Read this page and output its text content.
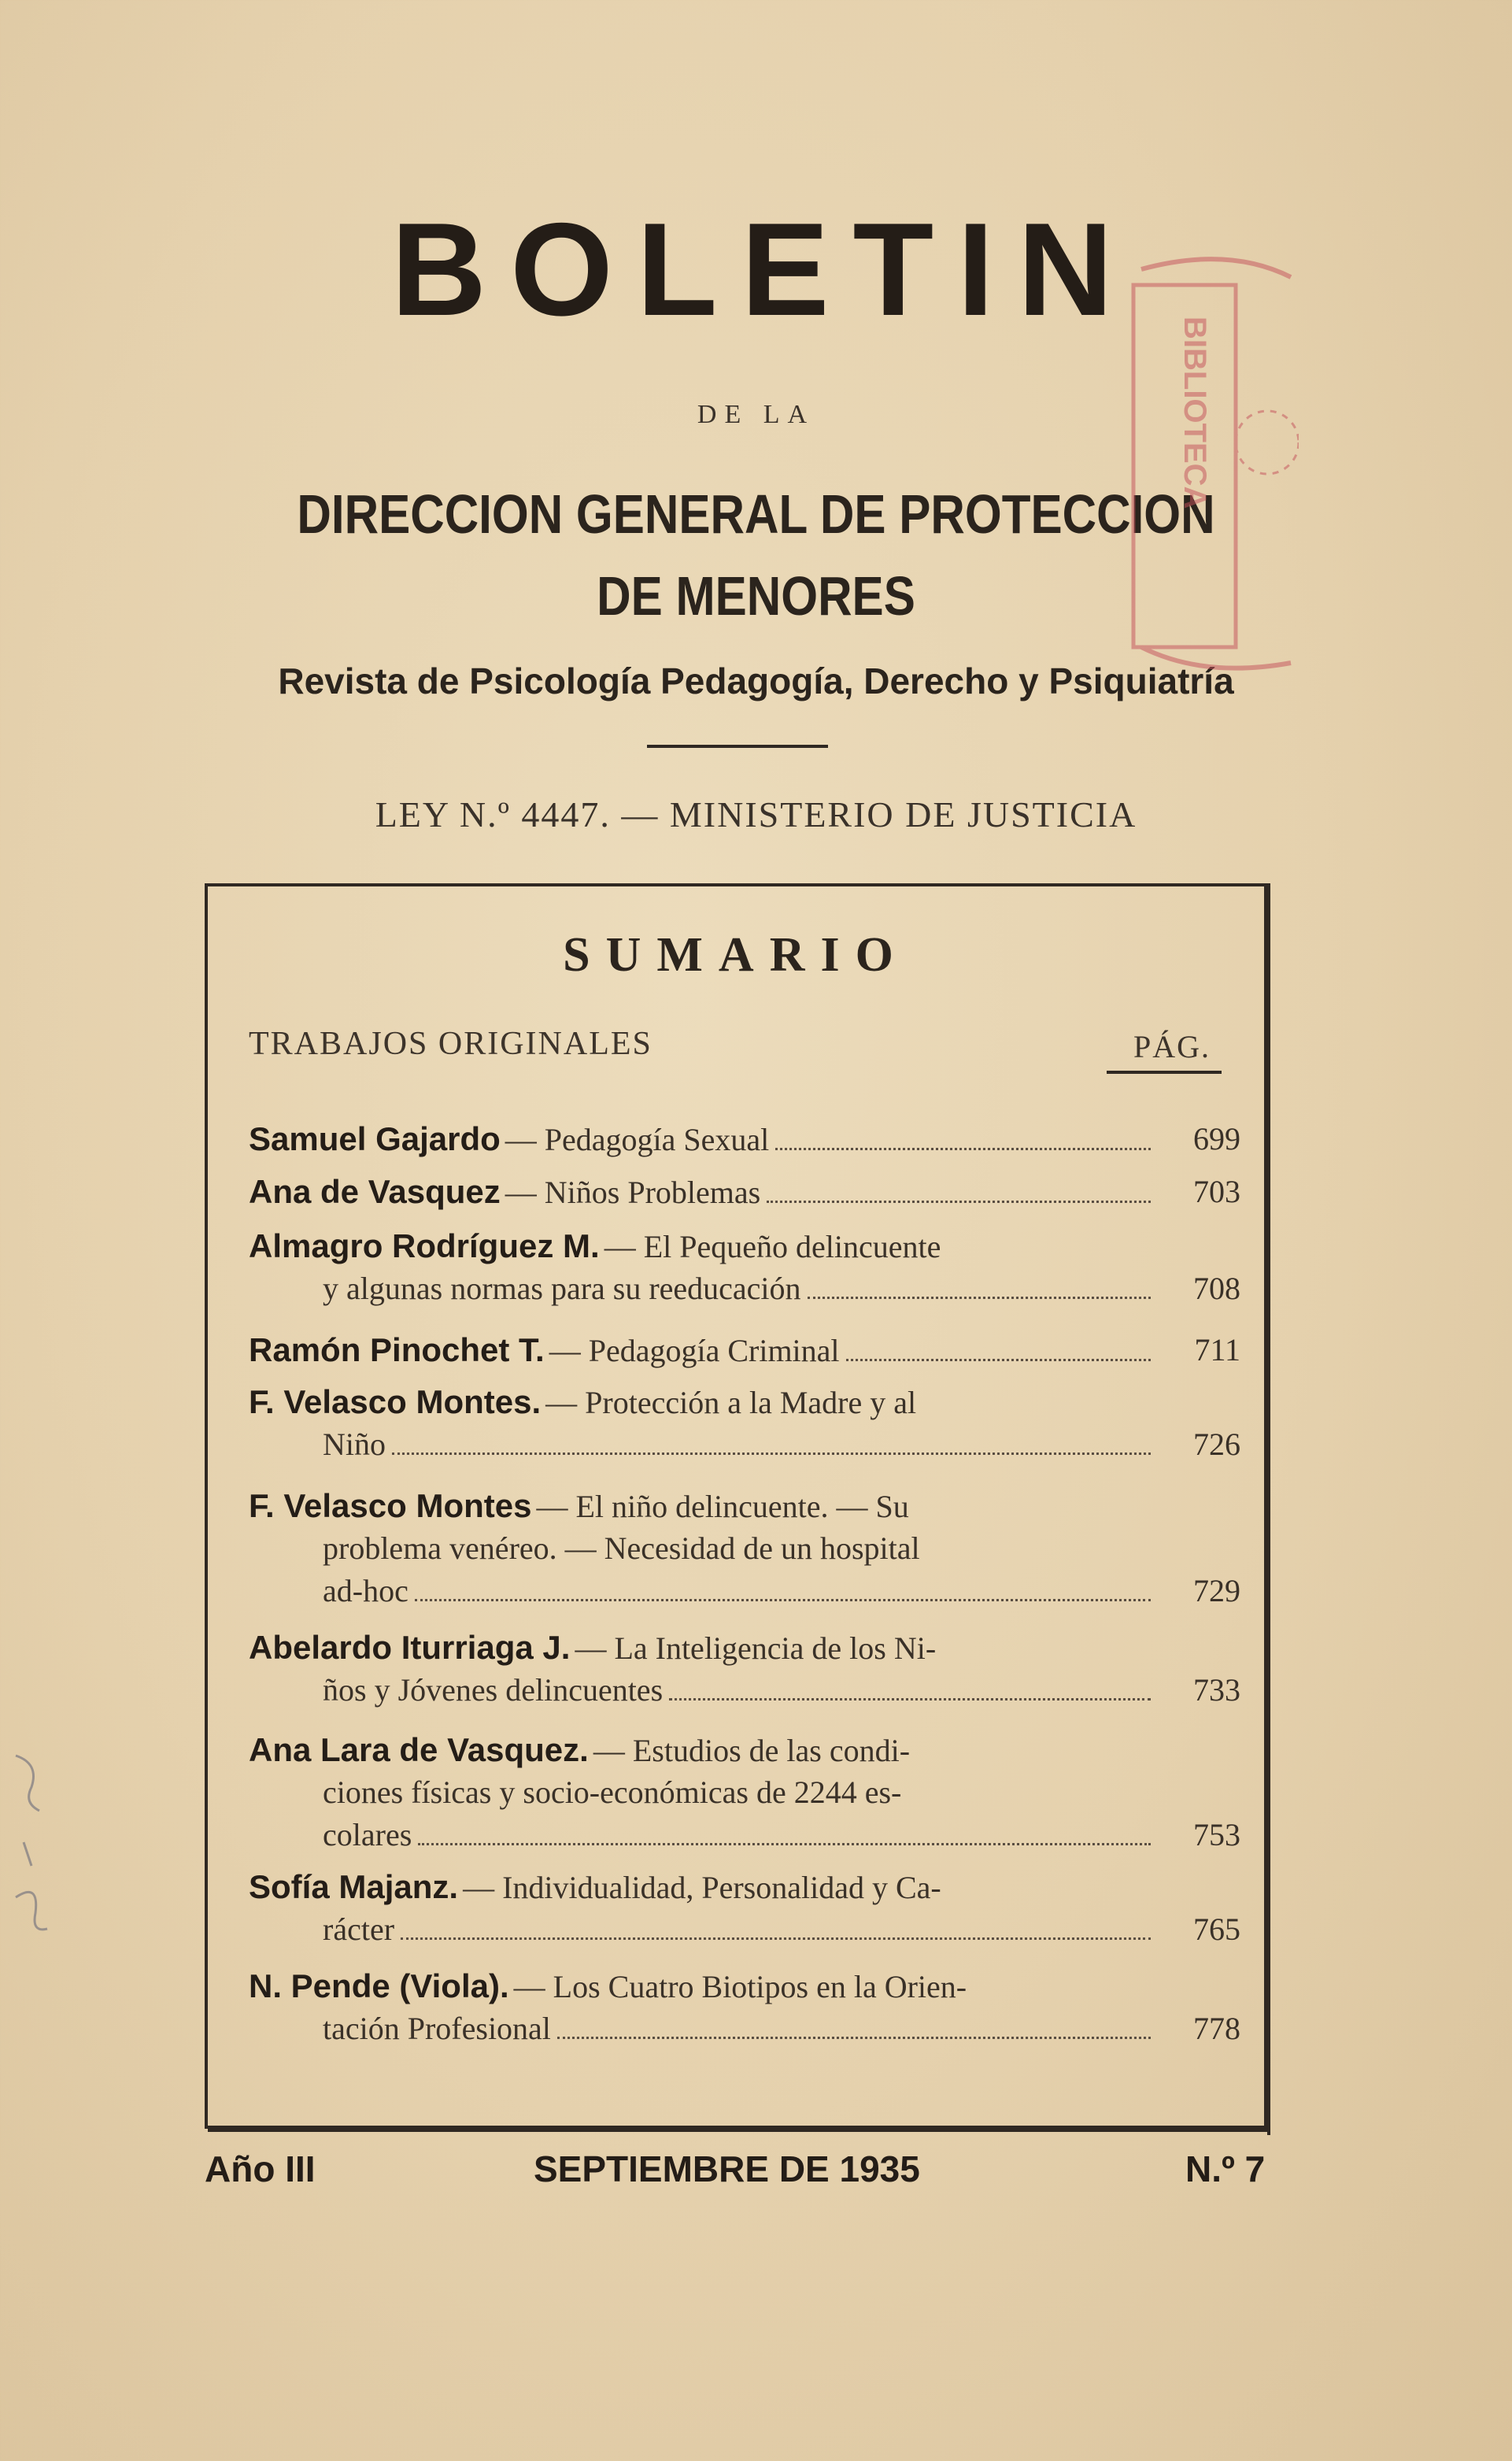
BOLETIN
DE LA
DIRECCION GENERAL DE PROTECCION
DE MENORES
Revista de Psicología Pedagogía, Derecho y Psiquiatría
LEY N.º 4447. — MINISTERIO DE JUSTICIA
BIBLIOTECA
SUMARIO
TRABAJOS ORIGINALES	PÁG.
Samuel Gajardo — Pedagogía Sexual	699
Ana de Vasquez — Niños Problemas	703
Almagro Rodríguez M. — El Pequeño delincuente
y algunas normas para su reeducación	708
Ramón Pinochet T. — Pedagogía Criminal	711
F. Velasco Montes. — Protección a la Madre y al
Niño	726
F. Velasco Montes — El niño delincuente. — Su
problema venéreo. — Necesidad de un hospital
ad-hoc	729
Abelardo Iturriaga J. — La Inteligencia de los Ni-
ños y Jóvenes delincuentes	733
Ana Lara de Vasquez. — Estudios de las condi-
ciones físicas y socio-económicas de 2244 es-
colares	753
Sofía Majanz. — Individualidad, Personalidad y Ca-
rácter	765
N. Pende (Viola). — Los Cuatro Biotipos en la Orien-
tación Profesional	778
Año III	SEPTIEMBRE DE 1935	N.º 7
